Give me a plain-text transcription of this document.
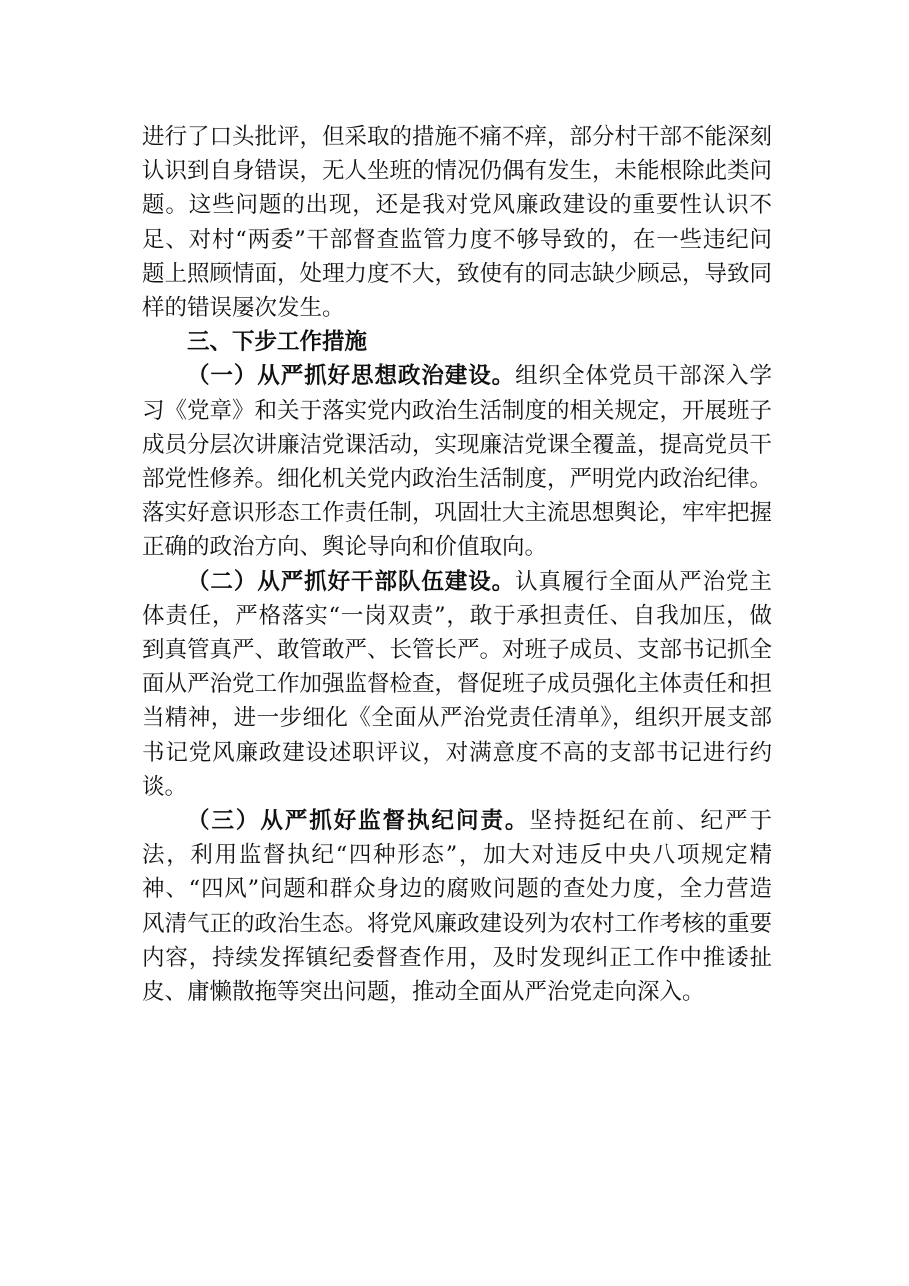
进行了口头批评，但采取的措施不痛不痒，部分村干部不能深刻认识到自身错误，无人坐班的情况仍偶有发生，未能根除此类问题。这些问题的出现，还是我对党风廉政建设的重要性认识不足、对村“两委”干部督查监管力度不够导致的，在一些违纪问题上照顾情面，处理力度不大，致使有的同志缺少顾忌，导致同样的错误屡次发生。

三、下步工作措施

（一）从严抓好思想政治建设。组织全体党员干部深入学习《党章》和关于落实党内政治生活制度的相关规定，开展班子成员分层次讲廉洁党课活动，实现廉洁党课全覆盖，提高党员干部党性修养。细化机关党内政治生活制度，严明党内政治纪律。落实好意识形态工作责任制，巩固壮大主流思想舆论，牢牢把握正确的政治方向、舆论导向和价值取向。

（二）从严抓好干部队伍建设。认真履行全面从严治党主体责任，严格落实“一岗双责”，敢于承担责任、自我加压，做到真管真严、敢管敢严、长管长严。对班子成员、支部书记抓全面从严治党工作加强监督检查，督促班子成员强化主体责任和担当精神，进一步细化《全面从严治党责任清单》，组织开展支部书记党风廉政建设述职评议，对满意度不高的支部书记进行约谈。

（三）从严抓好监督执纪问责。坚持挺纪在前、纪严于法，利用监督执纪“四种形态”，加大对违反中央八项规定精神、“四风”问题和群众身边的腐败问题的查处力度，全力营造风清气正的政治生态。将党风廉政建设列为农村工作考核的重要内容，持续发挥镇纪委督查作用，及时发现纠正工作中推诿扯皮、庸懒散拖等突出问题，推动全面从严治党走向深入。
